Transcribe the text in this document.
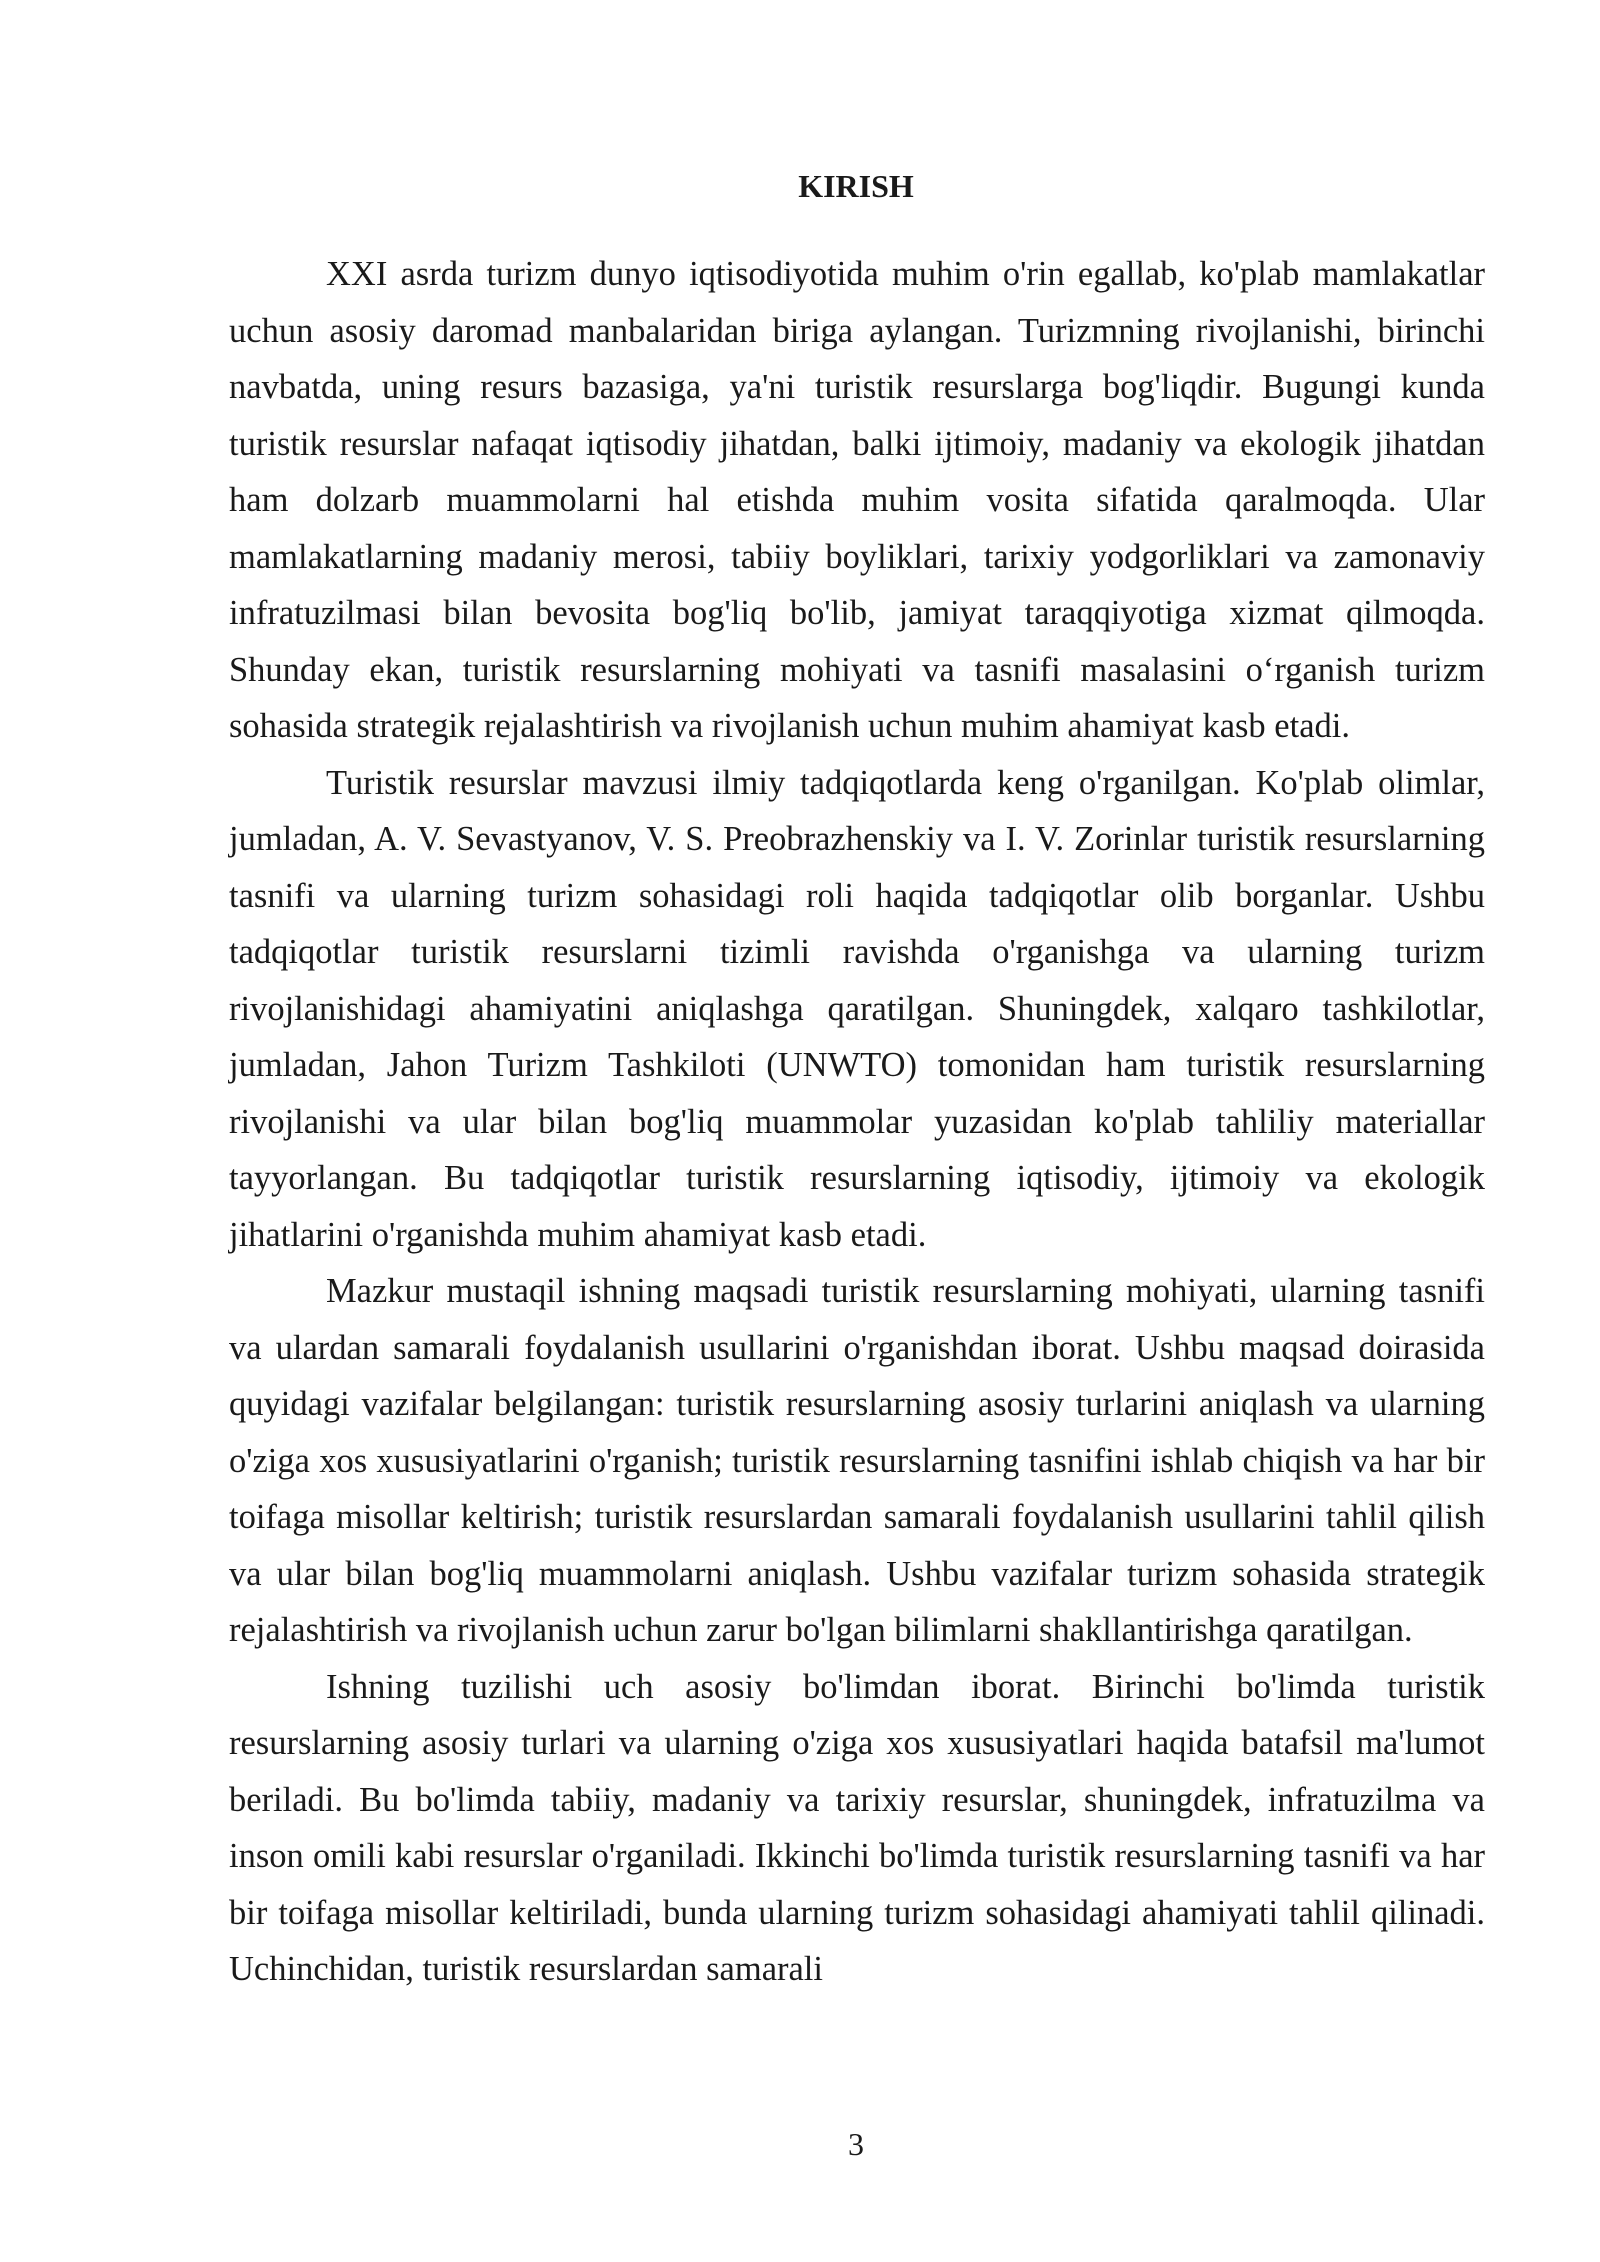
KIRISH

XXI asrda turizm dunyo iqtisodiyotida muhim o'rin egallab, ko'plab mamlakatlar uchun asosiy daromad manbalaridan biriga aylangan. Turizmning rivojlanishi, birinchi navbatda, uning resurs bazasiga, ya'ni turistik resurslarga bog'liqdir. Bugungi kunda turistik resurslar nafaqat iqtisodiy jihatdan, balki ijtimoiy, madaniy va ekologik jihatdan ham dolzarb muammolarni hal etishda muhim vosita sifatida qaralmoqda. Ular mamlakatlarning madaniy merosi, tabiiy boyliklari, tarixiy yodgorliklari va zamonaviy infratuzilmasi bilan bevosita bog'liq bo'lib, jamiyat taraqqiyotiga xizmat qilmoqda. Shunday ekan, turistik resurslarning mohiyati va tasnifi masalasini o‘rganish turizm sohasida strategik rejalashtirish va rivojlanish uchun muhim ahamiyat kasb etadi.

Turistik resurslar mavzusi ilmiy tadqiqotlarda keng o'rganilgan. Ko'plab olimlar, jumladan, A. V. Sevastyanov, V. S. Preobrazhenskiy va I. V. Zorinlar turistik resurslarning tasnifi va ularning turizm sohasidagi roli haqida tadqiqotlar olib borganlar. Ushbu tadqiqotlar turistik resurslarni tizimli ravishda o'rganishga va ularning turizm rivojlanishidagi ahamiyatini aniqlashga qaratilgan. Shuningdek, xalqaro tashkilotlar, jumladan, Jahon Turizm Tashkiloti (UNWTO) tomonidan ham turistik resurslarning rivojlanishi va ular bilan bog'liq muammolar yuzasidan ko'plab tahliliy materiallar tayyorlangan. Bu tadqiqotlar turistik resurslarning iqtisodiy, ijtimoiy va ekologik jihatlarini o'rganishda muhim ahamiyat kasb etadi.

Mazkur mustaqil ishning maqsadi turistik resurslarning mohiyati, ularning tasnifi va ulardan samarali foydalanish usullarini o'rganishdan iborat. Ushbu maqsad doirasida quyidagi vazifalar belgilangan: turistik resurslarning asosiy turlarini aniqlash va ularning o'ziga xos xususiyatlarini o'rganish; turistik resurslarning tasnifini ishlab chiqish va har bir toifaga misollar keltirish; turistik resurslardan samarali foydalanish usullarini tahlil qilish va ular bilan bog'liq muammolarni aniqlash. Ushbu vazifalar turizm sohasida strategik rejalashtirish va rivojlanish uchun zarur bo'lgan bilimlarni shakllantirishga qaratilgan.

Ishning tuzilishi uch asosiy bo'limdan iborat. Birinchi bo'limda turistik resurslarning asosiy turlari va ularning o'ziga xos xususiyatlari haqida batafsil ma'lumot beriladi. Bu bo'limda tabiiy, madaniy va tarixiy resurslar, shuningdek, infratuzilma va inson omili kabi resurslar o'rganiladi. Ikkinchi bo'limda turistik resurslarning tasnifi va har bir toifaga misollar keltiriladi, bunda ularning turizm sohasidagi ahamiyati tahlil qilinadi. Uchinchidan, turistik resurslardan samarali

3
